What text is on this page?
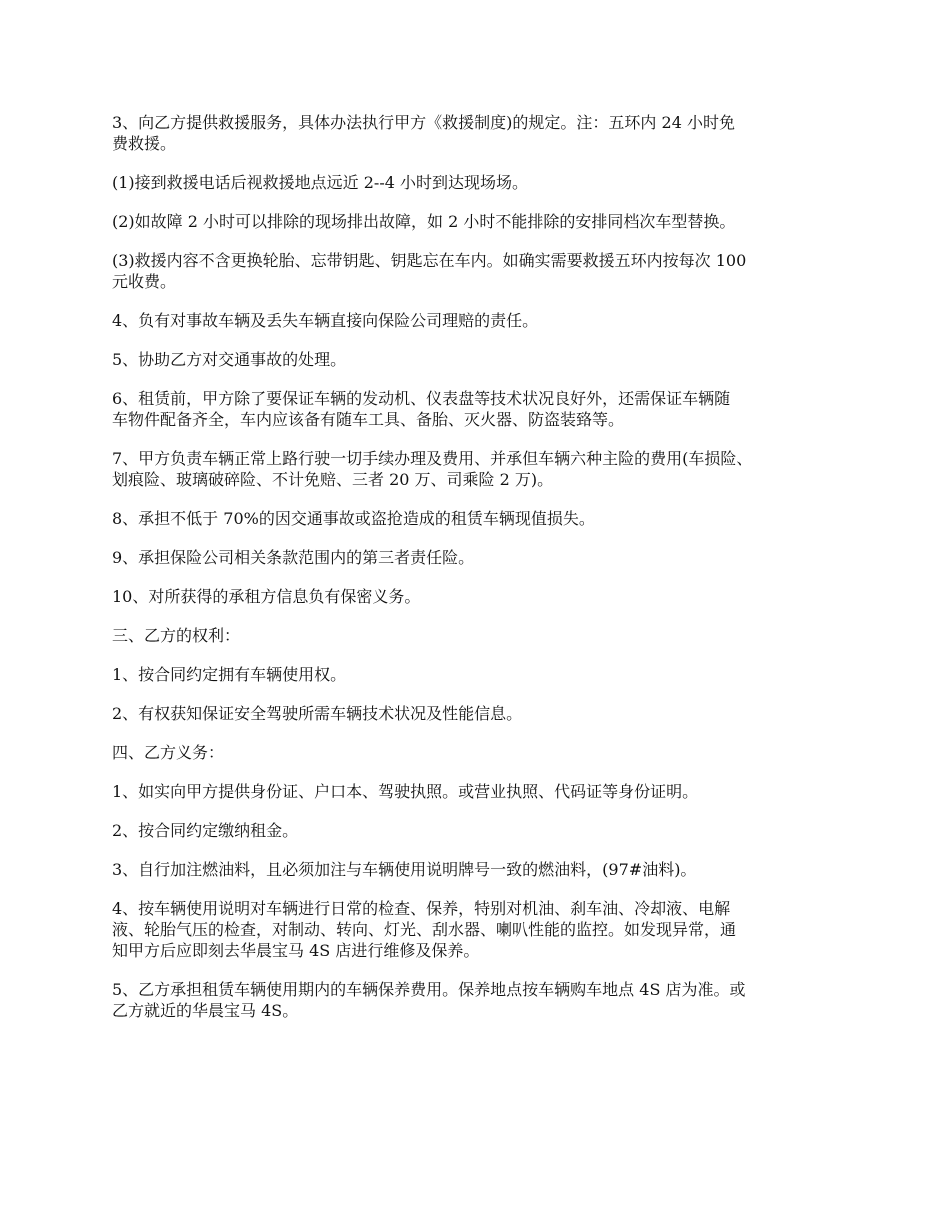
3、向乙方提供救援服务，具体办法执行甲方《救援制度)的规定。注：五环内 24 小时免
费救援。

(1)接到救援电话后视救援地点远近 2--4 小时到达现场场。

(2)如故障 2 小时可以排除的现场排出故障，如 2 小时不能排除的安排同档次车型替换。

(3)救援内容不含更换轮胎、忘带钥匙、钥匙忘在车内。如确实需要救援五环内按每次 100
元收费。

4、负有对事故车辆及丢失车辆直接向保险公司理赔的责任。

5、协助乙方对交通事故的处理。

6、租赁前，甲方除了要保证车辆的发动机、仪表盘等技术状况良好外，还需保证车辆随
车物件配备齐全，车内应该备有随车工具、备胎、灭火器、防盗装臵等。

7、甲方负责车辆正常上路行驶一切手续办理及费用、并承但车辆六种主险的费用(车损险、
划痕险、玻璃破碎险、不计免赔、三者 20 万、司乘险 2 万)。

8、承担不低于 70%的因交通事故或盗抢造成的租赁车辆现值损失。

9、承担保险公司相关条款范围内的第三者责任险。

10、对所获得的承租方信息负有保密义务。

三、乙方的权利：

1、按合同约定拥有车辆使用权。

2、有权获知保证安全驾驶所需车辆技术状况及性能信息。

四、乙方义务：

1、如实向甲方提供身份证、户口本、驾驶执照。或营业执照、代码证等身份证明。

2、按合同约定缴纳租金。

3、自行加注燃油料，且必须加注与车辆使用说明牌号一致的燃油料，(97#油料)。

4、按车辆使用说明对车辆进行日常的检查、保养，特别对机油、刹车油、冷却液、电解
液、轮胎气压的检查，对制动、转向、灯光、刮水器、喇叭性能的监控。如发现异常，通
知甲方后应即刻去华晨宝马 4S 店进行维修及保养。

5、乙方承担租赁车辆使用期内的车辆保养费用。保养地点按车辆购车地点 4S 店为准。或
乙方就近的华晨宝马 4S。
